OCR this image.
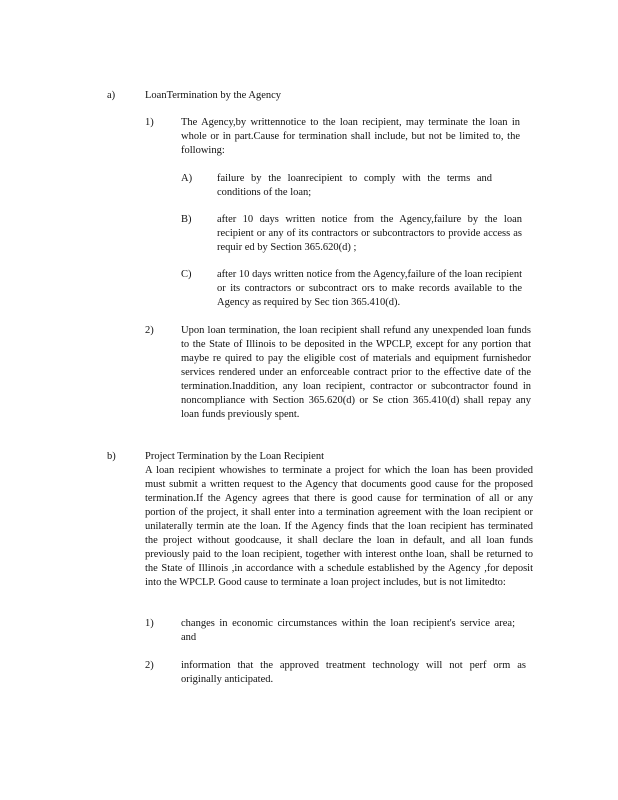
a)	LoanTermination by the Agency
1)	The Agency,by writtennotice to the loan recipient, may terminate the loan in whole or in part.Cause for termination shall include, but not be limited to, the following:
A) failure by the loanrecipient to comply with the terms and conditions of the loan;
B) after 10 days written notice from the Agency,failure by the loan recipient or any of its contractors or subcontractors to provide access as requir ed by Section 365.620(d) ;
C) after 10 days written notice from the Agency,failure of the loan recipient or its contractors or subcontract ors to make records available to the Agency as required by Sec tion 365.410(d).
2)	Upon loan termination, the loan recipient shall refund any unexpended loan funds to the State of Illinois to be deposited in the WPCLP, except for any portion that maybe re quired to pay the eligible cost of materials and equipment furnishedor services rendered under an enforceable contract prior to the effective date of the termination.Inaddition, any loan recipient, contractor or subcontractor found in noncompliance with Section 365.620(d) or Se ction 365.410(d) shall repay any loan funds previously spent.
b)	Project Termination by the Loan Recipient
A loan recipient whowishes to terminate a project for which the loan has been provided must submit a written request to the Agency that documents good cause for the proposed termination.If the Agency agrees that there is good cause for termination of all or any portion of the project, it shall enter into a termination agreement with the loan recipient or unilaterally termin ate the loan. If the Agency finds that the loan recipient has terminated the project without goodcause, it shall declare the loan in default, and all loan funds previously paid to the loan recipient, together with interest onthe loan, shall be returned to the State of Illinois ,in accordance with a schedule established by the Agency ,for deposit into the WPCLP. Good cause to terminate a loan project includes, but is not limitedto:
1)	changes in economic circumstances within the loan recipient's service area; and
2)	information that the approved treatment technology will not perf orm as originally anticipated.
